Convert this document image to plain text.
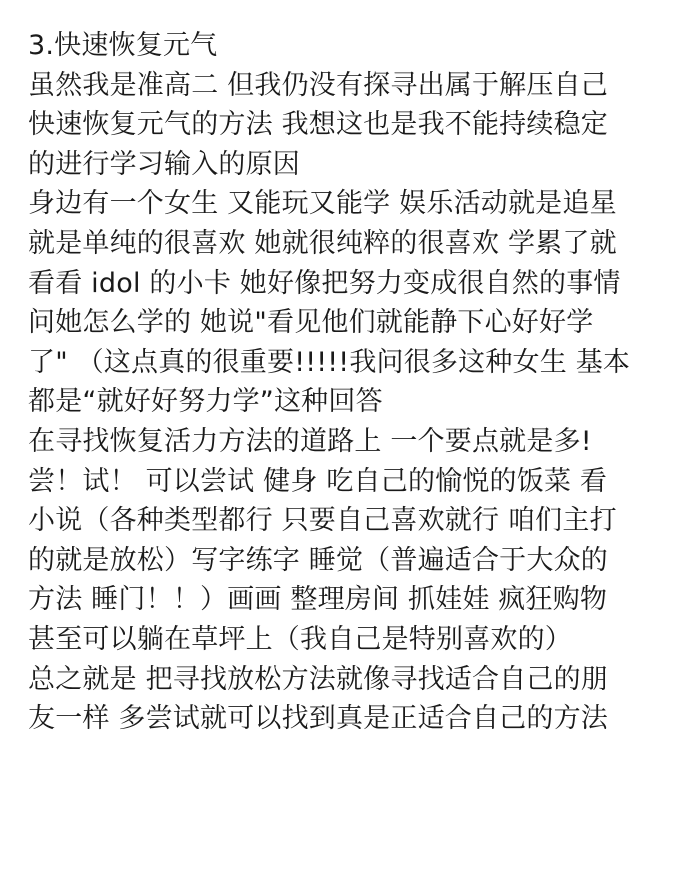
3.快速恢复元气
虽然我是准高二 但我仍没有探寻出属于解压自己
快速恢复元气的方法 我想这也是我不能持续稳定
的进行学习输入的原因
身边有一个女生 又能玩又能学 娱乐活动就是追星
就是单纯的很喜欢 她就很纯粹的很喜欢 学累了就
看看 idol 的小卡 她好像把努力变成很自然的事情
问她怎么学的 她说"看见他们就能静下心好好学
了" （这点真的很重要!!!!!我问很多这种女生 基本
都是“就好好努力学”这种回答
在寻找恢复活力方法的道路上 一个要点就是多!
尝！试！ 可以尝试 健身 吃自己的愉悦的饭菜 看
小说（各种类型都行 只要自己喜欢就行 咱们主打
的就是放松）写字练字 睡觉（普遍适合于大众的
方法 睡门！！）画画 整理房间 抓娃娃 疯狂购物
甚至可以躺在草坪上（我自己是特别喜欢的）
总之就是 把寻找放松方法就像寻找适合自己的朋
友一样 多尝试就可以找到真是正适合自己的方法
